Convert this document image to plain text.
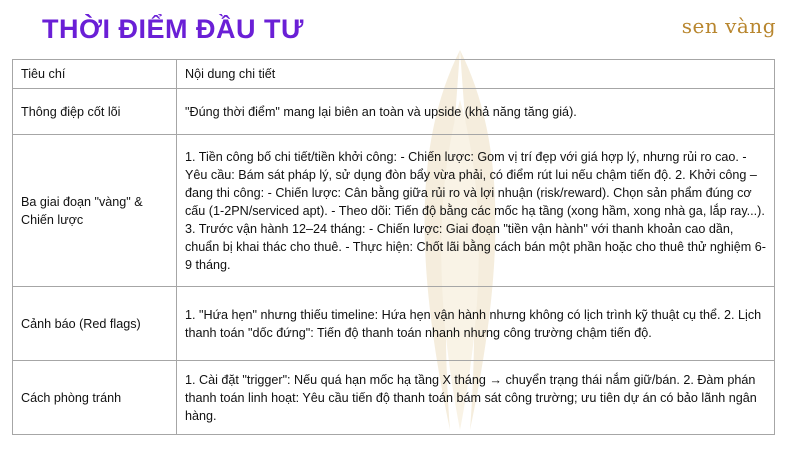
THỜI ĐIỂM ĐẦU TƯ	sen vàng
Tiêu chí	Nội dung chi tiết
Thông điệp cốt lõi	"Đúng thời điểm" mang lại biên an toàn và upside (khả năng tăng giá).
Ba giai đoạn "vàng" & Chiến lược	1. Tiền công bố chi tiết/tiền khởi công: - Chiến lược: Gom vị trí đẹp với giá hợp lý, nhưng rủi ro cao. - Yêu cầu: Bám sát pháp lý, sử dụng đòn bẩy vừa phải, có điểm rút lui nếu chậm tiến độ. 2. Khởi công – đang thi công: - Chiến lược: Cân bằng giữa rủi ro và lợi nhuận (risk/reward). Chọn sản phẩm đúng cơ cấu (1-2PN/serviced apt). - Theo dõi: Tiến độ bằng các mốc hạ tầng (xong hầm, xong nhà ga, lắp ray...). 3. Trước vận hành 12–24 tháng: - Chiến lược: Giai đoạn "tiền vận hành" với thanh khoản cao dần, chuẩn bị khai thác cho thuê. - Thực hiện: Chốt lãi bằng cách bán một phần hoặc cho thuê thử nghiệm 6-9 tháng.
Cảnh báo (Red flags)	1. "Hứa hẹn" nhưng thiếu timeline: Hứa hẹn vận hành nhưng không có lịch trình kỹ thuật cụ thể. 2. Lịch thanh toán "dốc đứng": Tiến độ thanh toán nhanh nhưng công trường chậm tiến độ.
Cách phòng tránh	1. Cài đặt "trigger": Nếu quá hạn mốc hạ tầng X tháng → chuyển trạng thái nắm giữ/bán. 2. Đàm phán thanh toán linh hoạt: Yêu cầu tiến độ thanh toán bám sát công trường; ưu tiên dự án có bảo lãnh ngân hàng.
